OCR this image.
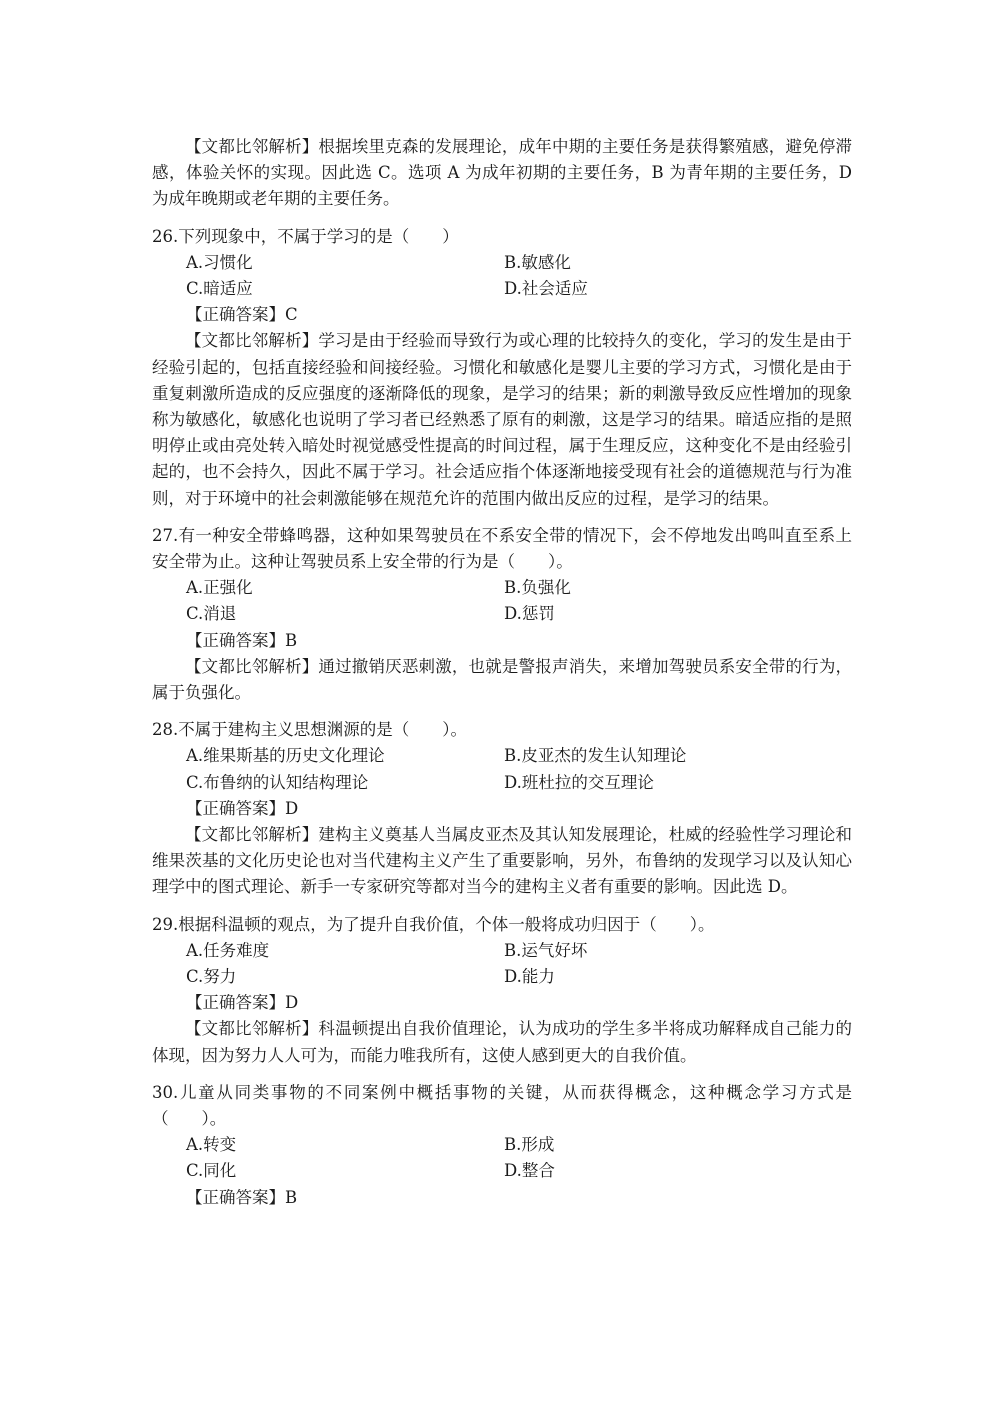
【文都比邻解析】根据埃里克森的发展理论，成年中期的主要任务是获得繁殖感，避免停滞感，体验关怀的实现。因此选 C。选项 A 为成年初期的主要任务，B 为青年期的主要任务，D 为成年晚期或老年期的主要任务。

26.下列现象中，不属于学习的是（　　）

A.习惯化	B.敏感化
C.暗适应	D.社会适应
【正确答案】C

【文都比邻解析】学习是由于经验而导致行为或心理的比较持久的变化，学习的发生是由于经验引起的，包括直接经验和间接经验。习惯化和敏感化是婴儿主要的学习方式，习惯化是由于重复刺激所造成的反应强度的逐渐降低的现象，是学习的结果；新的刺激导致反应性增加的现象称为敏感化，敏感化也说明了学习者已经熟悉了原有的刺激，这是学习的结果。暗适应指的是照明停止或由亮处转入暗处时视觉感受性提高的时间过程，属于生理反应，这种变化不是由经验引起的，也不会持久，因此不属于学习。社会适应指个体逐渐地接受现有社会的道德规范与行为准则，对于环境中的社会刺激能够在规范允许的范围内做出反应的过程，是学习的结果。

27.有一种安全带蜂鸣器，这种如果驾驶员在不系安全带的情况下，会不停地发出鸣叫直至系上安全带为止。这种让驾驶员系上安全带的行为是（　　）。

A.正强化	B.负强化
C.消退	D.惩罚
【正确答案】B

【文都比邻解析】通过撤销厌恶刺激，也就是警报声消失，来增加驾驶员系安全带的行为，属于负强化。

28.不属于建构主义思想渊源的是（　　）。

A.维果斯基的历史文化理论	B.皮亚杰的发生认知理论
C.布鲁纳的认知结构理论	D.班杜拉的交互理论
【正确答案】D

【文都比邻解析】建构主义奠基人当属皮亚杰及其认知发展理论，杜威的经验性学习理论和维果茨基的文化历史论也对当代建构主义产生了重要影响，另外，布鲁纳的发现学习以及认知心理学中的图式理论、新手一专家研究等都对当今的建构主义者有重要的影响。因此选 D。

29.根据科温顿的观点，为了提升自我价值，个体一般将成功归因于（　　）。

A.任务难度	B.运气好坏
C.努力	D.能力
【正确答案】D

【文都比邻解析】科温顿提出自我价值理论，认为成功的学生多半将成功解释成自己能力的体现，因为努力人人可为，而能力唯我所有，这使人感到更大的自我价值。

30.儿童从同类事物的不同案例中概括事物的关键，从而获得概念，这种概念学习方式是（　　）。

A.转变	B.形成
C.同化	D.整合
【正确答案】B
